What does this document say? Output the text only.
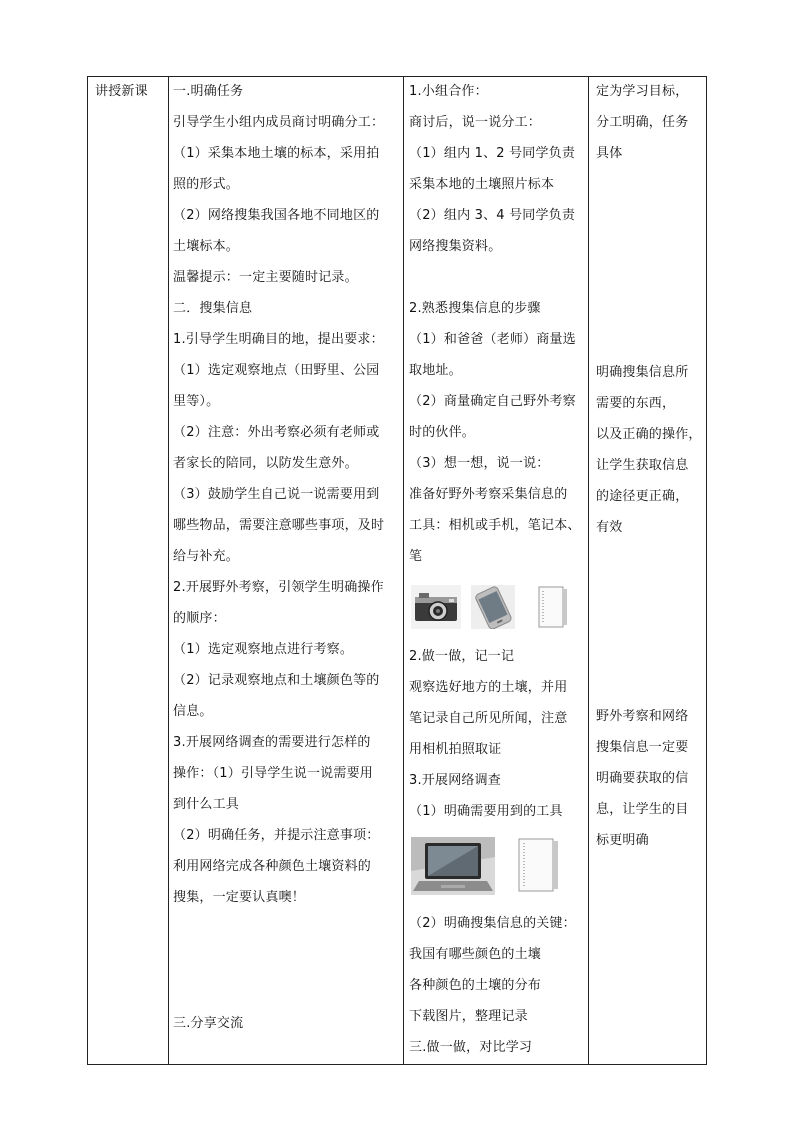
讲授新课 一.明确任务
引导学生小组内成员商讨明确分工：
（1）采集本地土壤的标本，采用拍
照的形式。
（2）网络搜集我国各地不同地区的
土壤标本。
温馨提示：一定主要随时记录。
二．搜集信息
1.引导学生明确目的地，提出要求：
（1）选定观察地点（田野里、公园
里等）。
（2）注意：外出考察必须有老师或
者家长的陪同，以防发生意外。
（3）鼓励学生自己说一说需要用到
哪些物品，需要注意哪些事项，及时
给与补充。
2.开展野外考察，引领学生明确操作
的顺序：
（1）选定观察地点进行考察。
（2）记录观察地点和土壤颜色等的
信息。
3.开展网络调查的需要进行怎样的
操作：（1）引导学生说一说需要用
到什么工具
（2）明确任务，并提示注意事项：
利用网络完成各种颜色土壤资料的
搜集，一定要认真噢！
三.分享交流
1.小组合作：
商讨后，说一说分工：
（1）组内 1、2 号同学负责
采集本地的土壤照片标本
（2）组内 3、4 号同学负责
网络搜集资料。
2.熟悉搜集信息的步骤
（1）和爸爸（老师）商量选
取地址。
（2）商量确定自己野外考察
时的伙伴。
（3）想一想，说一说：
准备好野外考察采集信息的
工具：相机或手机，笔记本、
笔
2.做一做，记一记
观察选好地方的土壤，并用
笔记录自己所见所闻，注意
用相机拍照取证
3.开展网络调查
（1）明确需要用到的工具
（2）明确搜集信息的关键：
我国有哪些颜色的土壤
各种颜色的土壤的分布
下载图片，整理记录
三.做一做，对比学习
定为学习目标，
分工明确，任务
具体
明确搜集信息所
需要的东西，
以及正确的操作，
让学生获取信息
的途径更正确，
有效
野外考察和网络
搜集信息一定要
明确要获取的信
息，让学生的目
标更明确
